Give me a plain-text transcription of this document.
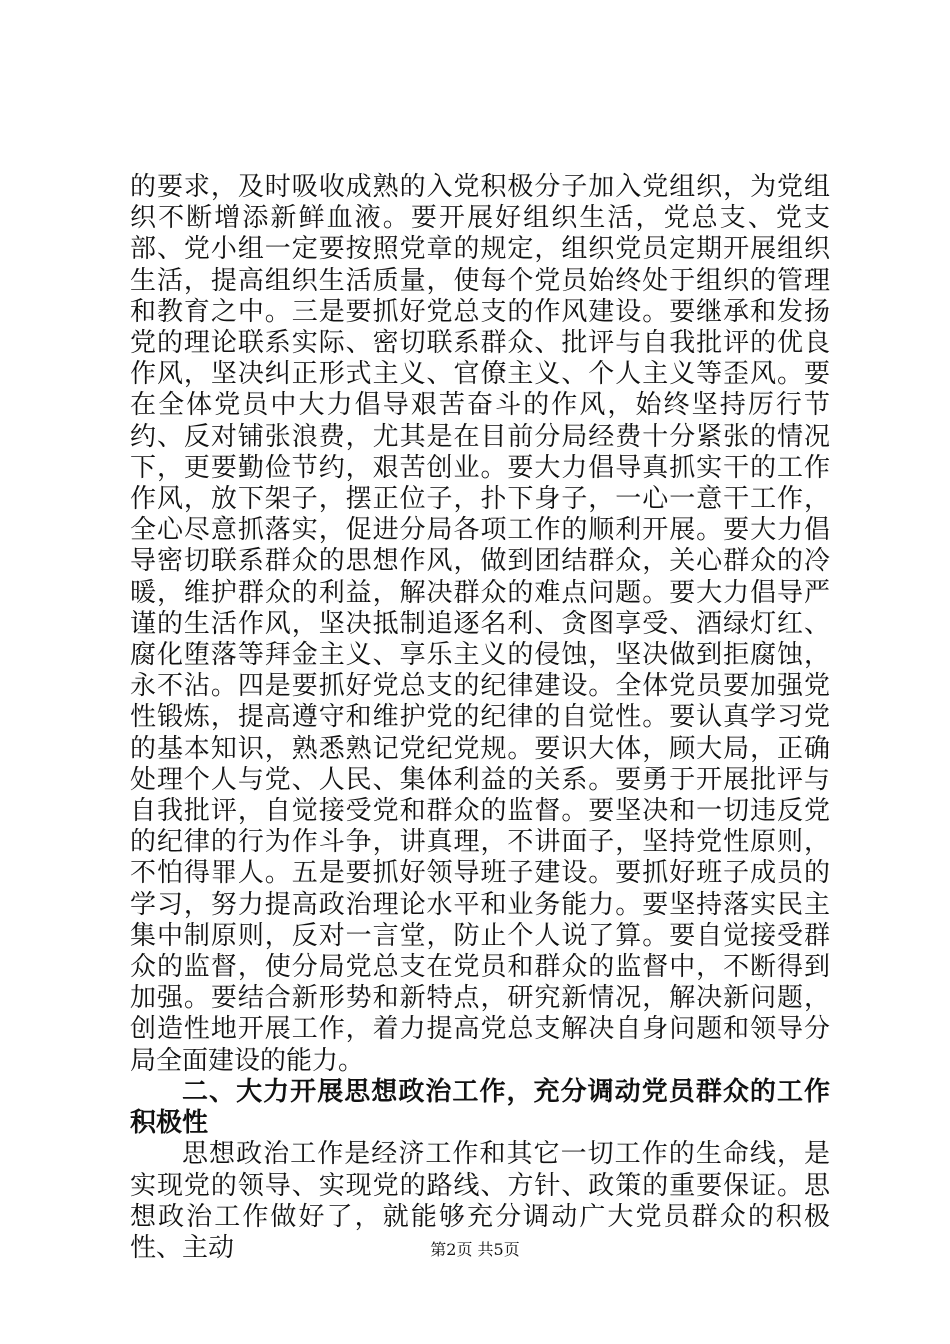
的要求，及时吸收成熟的入党积极分子加入党组织，为党组织不断增添新鲜血液。要开展好组织生活，党总支、党支部、党小组一定要按照党章的规定，组织党员定期开展组织生活，提高组织生活质量，使每个党员始终处于组织的管理和教育之中。三是要抓好党总支的作风建设。要继承和发扬党的理论联系实际、密切联系群众、批评与自我批评的优良作风，坚决纠正形式主义、官僚主义、个人主义等歪风。要在全体党员中大力倡导艰苦奋斗的作风，始终坚持厉行节约、反对铺张浪费，尤其是在目前分局经费十分紧张的情况下，更要勤俭节约，艰苦创业。要大力倡导真抓实干的工作作风，放下架子，摆正位子，扑下身子，一心一意干工作，全心尽意抓落实，促进分局各项工作的顺利开展。要大力倡导密切联系群众的思想作风，做到团结群众，关心群众的冷暖，维护群众的利益，解决群众的难点问题。要大力倡导严谨的生活作风，坚决抵制追逐名利、贪图享受、酒绿灯红、腐化堕落等拜金主义、享乐主义的侵蚀，坚决做到拒腐蚀，永不沾。四是要抓好党总支的纪律建设。全体党员要加强党性锻炼，提高遵守和维护党的纪律的自觉性。要认真学习党的基本知识，熟悉熟记党纪党规。要识大体，顾大局，正确处理个人与党、人民、集体利益的关系。要勇于开展批评与自我批评，自觉接受党和群众的监督。要坚决和一切违反党的纪律的行为作斗争，讲真理，不讲面子，坚持党性原则，不怕得罪人。五是要抓好领导班子建设。要抓好班子成员的学习，努力提高政治理论水平和业务能力。要坚持落实民主集中制原则，反对一言堂，防止个人说了算。要自觉接受群众的监督，使分局党总支在党员和群众的监督中，不断得到加强。要结合新形势和新特点，研究新情况，解决新问题，创造性地开展工作，着力提高党总支解决自身问题和领导分局全面建设的能力。

二、大力开展思想政治工作，充分调动党员群众的工作积极性

思想政治工作是经济工作和其它一切工作的生命线，是实现党的领导、实现党的路线、方针、政策的重要保证。思想政治工作做好了，就能够充分调动广大党员群众的积极性、主动	第2页 共5页
